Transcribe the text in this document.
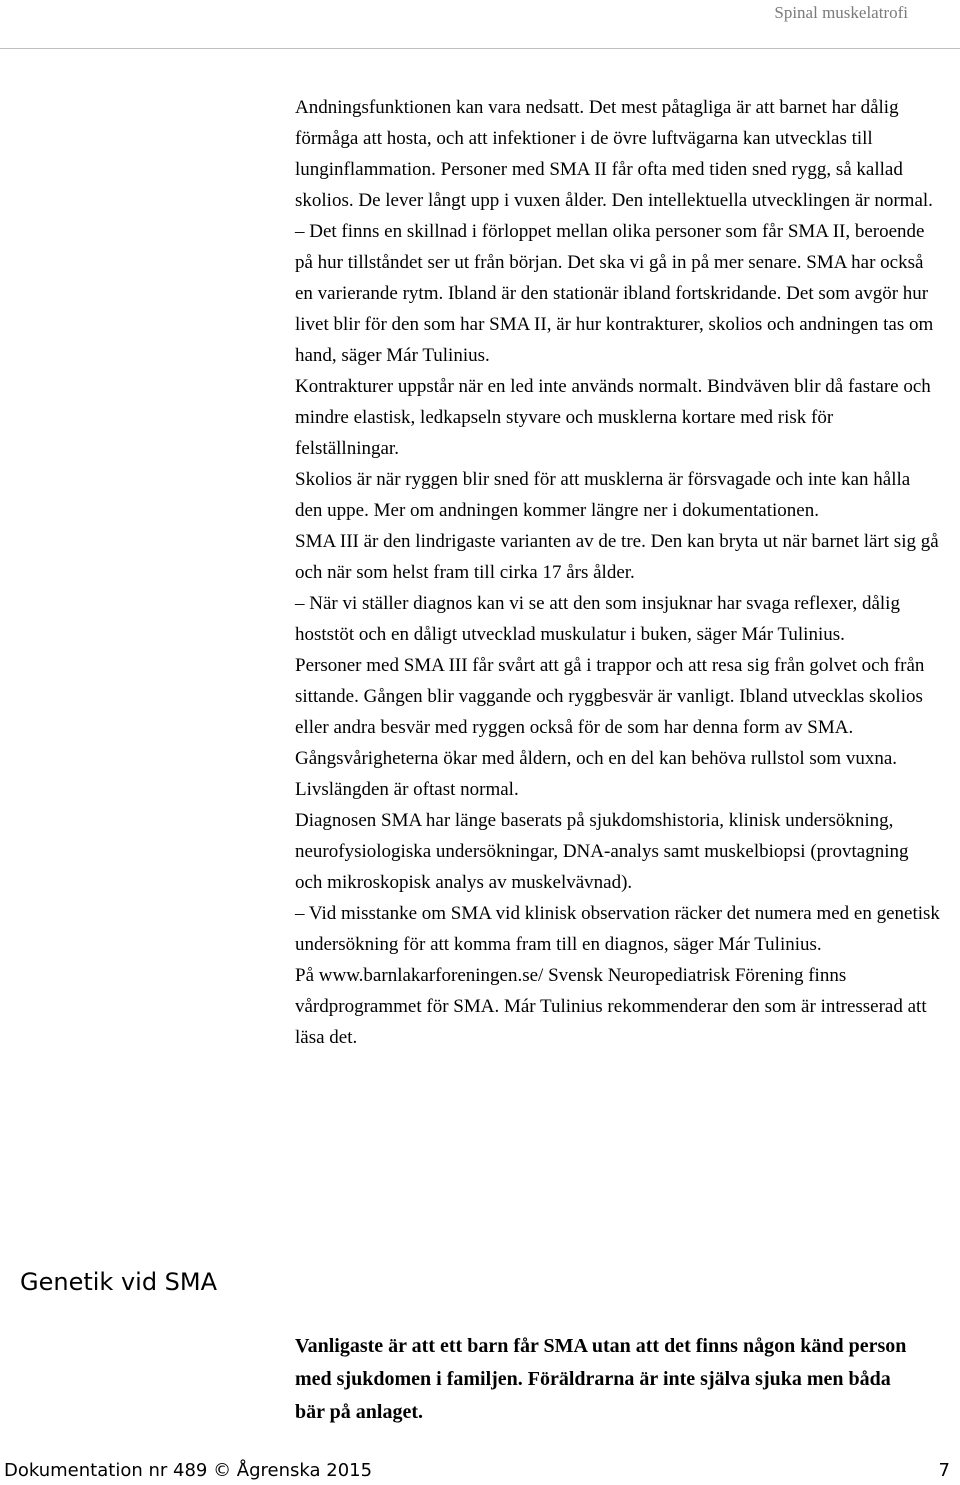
Spinal muskelatrofi

Andningsfunktionen kan vara nedsatt. Det mest påtagliga är att barnet har dålig förmåga att hosta, och att infektioner i de övre luftvägarna kan utvecklas till lunginflammation. Personer med SMA II får ofta med tiden sned rygg, så kallad skolios. De lever långt upp i vuxen ålder. Den intellektuella utvecklingen är normal.

– Det finns en skillnad i förloppet mellan olika personer som får SMA II, beroende på hur tillståndet ser ut från början. Det ska vi gå in på mer senare. SMA har också en varierande rytm. Ibland är den stationär ibland fortskridande. Det som avgör hur livet blir för den som har SMA II, är hur kontrakturer, skolios och andningen tas om hand, säger Már Tulinius.

Kontrakturer uppstår när en led inte används normalt. Bindväven blir då fastare och mindre elastisk, ledkapseln styvare och musklerna kortare med risk för felställningar.

Skolios är när ryggen blir sned för att musklerna är försvagade och inte kan hålla den uppe. Mer om andningen kommer längre ner i dokumentationen.

SMA III är den lindrigaste varianten av de tre. Den kan bryta ut när barnet lärt sig gå och när som helst fram till cirka 17 års ålder.

– När vi ställer diagnos kan vi se att den som insjuknar har svaga reflexer, dålig hoststöt och en dåligt utvecklad muskulatur i buken, säger Már Tulinius.

Personer med SMA III får svårt att gå i trappor och att resa sig från golvet och från sittande. Gången blir vaggande och ryggbesvär är vanligt. Ibland utvecklas skolios eller andra besvär med ryggen också för de som har denna form av SMA. Gångsvårigheterna ökar med åldern, och en del kan behöva rullstol som vuxna. Livslängden är oftast normal.

Diagnosen SMA har länge baserats på sjukdomshistoria, klinisk undersökning, neurofysiologiska undersökningar, DNA-analys samt muskelbiopsi (provtagning och mikroskopisk analys av muskelvävnad).

– Vid misstanke om SMA vid klinisk observation räcker det numera med en genetisk undersökning för att komma fram till en diagnos, säger Már Tulinius.

På www.barnlakarforeningen.se/ Svensk Neuropediatrisk Förening finns vårdprogrammet för SMA. Már Tulinius rekommenderar den som är intresserad att läsa det.

Genetik vid SMA

Vanligaste är att ett barn får SMA utan att det finns någon känd person med sjukdomen i familjen. Föräldrarna är inte själva sjuka men båda bär på anlaget.

Dokumentation nr 489 © Ågrenska 2015	7
